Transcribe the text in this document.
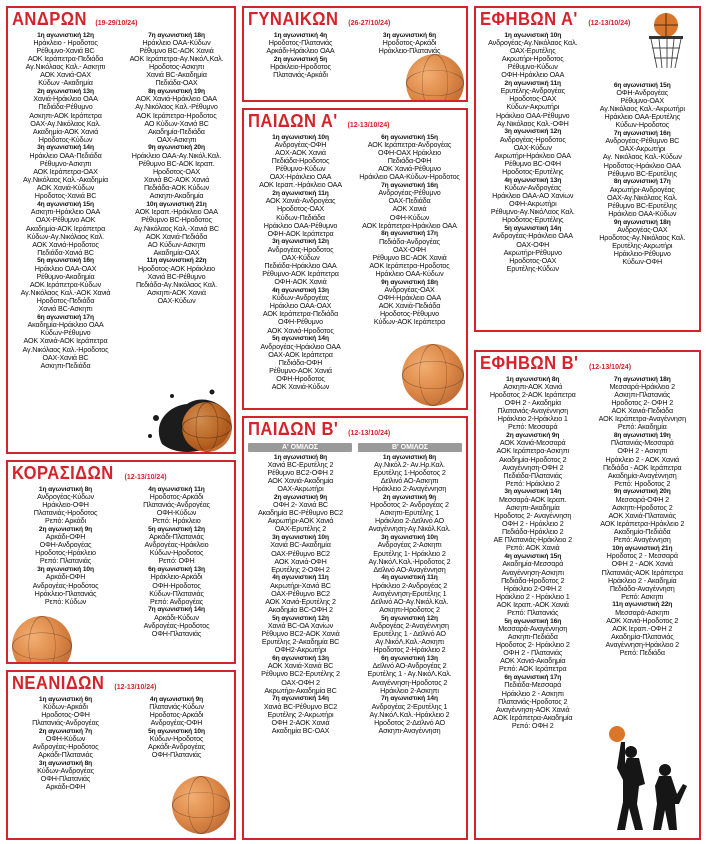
ΑΝΔΡΩΝ (19-29/10/24)
1η αγωνιστική 12η
Ηράκλειο - Ηροδοτος
Ρέθυμνο-Χανιά BC
ΑΟΚ Ιεράπετρα-Πεδιάδα
Αγ.Νικόλαος Καλ.- Ασκηπι
ΑΟΚ Χανιά-ΟΑΧ
Κύδων -Ακαδημία
2η αγωνιστική 13η
Χανιά-Ηράκλειο ΟΑΑ
Πεδιάδα-Ρέθυμνο
Ασκηπι-ΑΟΚ Ιεράπετρα
ΟΑΧ-Αγ.Νικόλαος Καλ.
Ακαδημία-ΑΟΚ Χανιά
Ηροδοτος-Κύδων
3η αγωνιστική 14η
Ηράκλειο ΟΑΑ-Πεδιάδα
Ρέθυμνο-Ασκηπι
ΑΟΚ Ιεράπετρα-ΟΑΧ
Αγ.Νικόλαος Καλ.-Ακαδημία
ΑΟΚ Χανιά-Κύδων
Ηροδοτος-Χανιά BC
4η αγωνιστική 15η
Ασκηπι-Ηράκλειο ΟΑΑ
ΟΑΧ-Ρέθυμνο ΑΟΚ
Ακαδημία-ΑΟΚ Ιεράπετρα
Κύδων-Αγ.Νικόλαος Καλ.
ΑΟΚ Χανιά-Ηροδοτος
Πεδιάδα-Χανιά BC
5η αγωνιστική 16η
Ηράκλειο ΟΑΑ-ΟΑΧ
Ρέθυμνο-Ακαδημία
ΑΟΚ Ιεράπετρα-Κύδων
Αγ.Νικόλαος Καλ.-ΑΟΚ Χανιά
Ηροδοτος-Πεδιάδα
Χανιά BC-Ασκηπι
6η αγωνιστική 17η
Ακαδημία-Ηράκλειο ΟΑΑ
Κύδων-Ρέθυμνο
ΑΟΚ Χανιά-ΑΟΚ Ιεράπετρα
Αγ.Νικόλαος Καλ.-Ηροδοτος
ΟΑΧ-Χανιά BC
Ασκηπι-Πεδιάδα
7η αγωνιστική 18η
Ηράκλειο ΟΑΑ-Κύδων
Ρέθυμνο BC-ΑΟΚ Χανιά
ΑΟΚ Ιεράπετρα-Αγ.ΝικόΛ.Καλ.
Ηροδοτος-Ασκηπι
Χανιά BC-Ακαδημία
Πεδιάδα-ΟΑΧ
8η αγωνιστική 19η
ΑΟΚ Χανιά-Ηράκλειο ΟΑΑ
Αγ.Νικόλαος Καλ.-Ρέθυμνο
ΑΟΚ Ιεράπετρα-Ηροδοτος
ΑΟ Κύδων-Χανιά BC
Ακαδημία-Πεδιάδα
ΟΑΧ-Ασκηπι
9η αγωνιστική 20η
Ηράκλειο ΟΑΑ-Αγ.Νικόλ.Καλ.
Ρέθυμνο BC-ΑΟΚ Ιεραπ.
Ηροδοτος-ΟΑΧ
Χανιά BC-ΑΟΚ Χανιά
Πεδιάδα-ΑΟΚ Κύδων
Ασκηπι-Ακαδημία
10η αγωνιστική 21η
ΑΟΚ Ιεραπ.-Ηράκλειο ΟΑΑ
Ρέθυμνο BC-Ηροδοτος
Αγ.Νικόλαος Καλ.-Χανιά BC
ΑΟΚ Χανιά-Πεδιάδα
ΑΟ Κύδων-Ασκηπι
Ακαδημία-ΟΑΧ
11η αγωνιστική 22η
Ηροδοτος-ΑΟΚ Ηράκλειο
Χανιά BC-Ρέθυμνο
Πεδιάδα-Αγ.Νικόλαος Καλ.
Ασκηπι-ΑΟΚ Χανιά
ΟΑΧ-Κύδων
ΓΥΝΑΙΚΩΝ (26-27/10/24)
1η αγωνιστική 4η
Ηροδοτος-Πλατανιάς
Αρκάδι-Ηράκλειο ΟΑΑ
2η αγωνιστική 5η
Ηράκλειο-Ηροδοτος
Πλατανιάς-Αρκάδι
3η αγωνιστική 6η
Ηροδοτος-Αρκάδι
Ηράκλειο-Πλατανιάς
ΠΑΙΔΩΝ Α' (12-13/10/24)
1η αγωνιστική 10η
Ανδρογέας-ΟΦΗ
ΑΟΧ-ΑΟΚ Χανιά
Πεδιάδα-Ηροδοτος
Ρέθυμνο-Κύδων
ΟΑΧ-Ηράκλειο ΟΑΑ
ΑΟΚ Ιεραπ.-Ηράκλειο ΟΑΑ
2η αγωνιστική 11η
ΑΟΚ Χανιά-Ανδρογέας
Ηροδοτος-ΟΑΧ
Κύδων-Πεδιάδα
Ηράκλειο ΟΑΑ-Ρέθυμνο
ΟΦΗ-ΑΟΚ Ιεράπετρα
3η αγωνιστική 12η
Ανδρογέας-Ηροδοτος
ΟΑΧ-Κύδων
Πεδιάδα-Ηράκλειο ΟΑΑ
Ρέθυμνο-ΑΟΚ Ιεράπετρα
ΟΦΗ-ΑΟΚ Χανιά
4η αγωνιστική 13η
Κύδων-Ανδρογέας
Ηράκλειο ΟΑΑ-ΟΑΧ
ΑΟΚ Ιεράπετρα-Πεδιάδα
ΟΦΗ-Ρέθυμνο
ΑΟΚ Χανιά-Ηροδοτος
5η αγωνιστική 14η
Ανδρογέας-Ηράκλειο ΟΑΑ
ΟΑΧ-ΑΟΚ Ιεράπετρα
Πεδιάδα-ΟΦΗ
Ρέθυμνο-ΑΟΚ Χανιά
ΟΦΗ-Ηροδοτος
ΑΟΚ Χανιά-Κύδων
6η αγωνιστική 15η
ΑΟΚ Ιεράπετρα-Ανδρογέας
ΟΦΗ-ΟΑΧ Ηράκλειο
Πεδιάδα-ΟΦΗ
ΑΟΚ Χανιά-Ρέθυμνο
Ηράκλειο ΟΑΑ-Κύδων-Ηροδοτος
7η αγωνιστική 16η
Ανδρογέας-Ρέθυμνο
ΟΑΧ-Πεδιάδα
ΑΟΚ Χανιά
ΟΦΗ-Κύδων
ΑΟΚ Ιεράπετρα-Ηράκλειο ΟΑΑ
8η αγωνιστική 17η
Πεδιάδα-Ανδρογέας
ΟΑΧ-ΟΦΗ
Ρέθυμνο BC-ΑΟΚ Χανιά
ΑΟΚ Ιεράπετρα-Ηροδοτος
Ηράκλειο ΟΑΑ-Κύδων
9η αγωνιστική 18η
Ανδρογέας-ΟΑΧ
ΟΦΗ-Ηράκλειο ΟΑΑ
ΑΟΚ Χανιά-Πεδιάδα
Ηροδοτος-Ρέθυμνο
Κύδων-ΑΟΚ Ιεράπετρα
ΠΑΙΔΩΝ Β' (12-13/10/24)
Α' ΟΜΙΛΟΣ	Β' ΟΜΙΛΟΣ
1η αγωνιστική 8η
Χανιά BC-Ερυτέλης 2
Ρέθυμνο BC2-ΟΦΗ 2
ΑΟΚ Χανιά-Ακαδημία
ΟΑΧ-Ακρωτήρι
2η αγωνιστική 9η
ΟΦΗ 2- Χανιά BC
Ακαδημία BC-Ρέθυμνο BC2
Ακρωτήρι-ΑΟΚ Χανιά
ΟΑΧ-Ερυτέλης 2
3η αγωνιστική 10η
Χανιά BC-Ακαδημία
ΟΑΧ-Ρέθυμνο BC2
ΑΟΚ Χανιά-ΟΦΗ
Ερυτέλης 2-ΟΦΗ 2
4η αγωνιστική 11η
Ακρωτήρι-Χανιά BC
ΟΑΧ-Ρέθυμνο BC2
ΑΟΚ Χανιά-Ερυτέλης 2
Ακαδημία BC-ΟΦΗ 2
5η αγωνιστική 12η
Χανιά BC-ΟΑ Χανίων
Ρέθυμνο BC2-ΑΟΚ Χανιά
Ερυτέλης 2-Ακαδημία BC
ΟΦΗ2-Ακρωτήρι
6η αγωνιστική 13η
ΑΟΚ Χανιά-Χανιά BC
Ρέθυμνο BC2-Ερυτέλης 2
ΟΑΧ-ΟΦΗ 2
Ακρωτήρι-Ακαδημία BC
7η αγωνιστική 14η
Χανιά BC-Ρέθυμνο BC2
Ερυτέλης 2-Ακρωτήρι
ΟΦΗ 2-ΑΟΚ Χανιά
Ακαδημία BC-ΟΑΧ
1η αγωνιστική 8η
Αγ.Νικόλ.2- Αν.Ηρ.Καλ.
Ερυτέλης 1-Ηροδοτος 2
Δεϊλινό ΑΟ-Ασκηπι
Ηράκλειο 2-Αναγέννηση
2η αγωνιστική 9η
Ηροδοτος 2- Ανδρογέας 2
Ασκηπι-Ερυτέλης 1
Ηράκλειο 2-Δεϊλινό ΑΟ
Αναγέννηση-Αγ.Νικόλ.Καλ.
3η αγωνιστική 10η
Ανδρογέας 2-Ασκηπι
Ερυτέλης 1- Ηράκλειο 2
Αγ.ΝικόΛ.Καλ.-Ηροδοτος 2
Δεϊλινό ΑΟ-Αναγέννηση
4η αγωνιστική 11η
Ηράκλειο 2-Ανδρογέας 2
Αναγέννηση-Ερυτέλης 1
Δεϊλινό ΑΟ-Αγ.Νικόλ.Καλ.
Ασκηπι-Ηροδοτος 2
5η αγωνιστική 12η
Ανδρογέας 2-Αναγέννηση
Ερυτέλης 1 - Δεϊλινό ΑΟ
Αγ.ΝικόΛ.Καλ.-Ασκηπι
Ηροδοτος 2-Ηράκλειο 2
6η αγωνιστική 13η
Δεϊλινό ΑΟ-Ανδρογέας 2
Ερυτέλης 1 - Αγ.ΝικόΛ.Καλ.
Αναγέννηση-Ηροδοτος 2
Ηράκλειο 2-Ασκηπι
7η αγωνιστική 14η
Ανδρογέας 2-Ερυτέλης 1
Αγ.ΝικόΛ.Καλ.-Ηράκλειο 2
Ηροδοτος 2-Δεϊλινό ΑΟ
Ασκηπι-Αναγέννηση
ΚΟΡΑΣΙΔΩΝ (12-13/10/24)
1η αγωνιστική 8η
Ανδρογέας-Κύδων
Ηράκλειο-ΟΦΗ
Πλατανιάς-Ηροδοτος
Ρεπό: Αρκάδι
2η αγωνιστική 9η
Αρκάδι-ΟΦΗ
ΟΦΗ-Ανδρογέας
Ηροδοτος-Ηράκλειο
Ρεπό: Πλατανιάς
3η αγωνιστική 10η
Αρκάδι-ΟΦΗ
Ανδρογέας-Ηροδοτος
Ηράκλειο-Πλατανιάς
Ρεπό: Κύδων
4η αγωνιστική 11η
Ηροδοτος-Αρκάδι
Πλατανιάς-Ανδρογέας
ΟΦΗ-Κύδων
Ρεπό: Ηράκλειο
5η αγωνιστική 12η
Αρκάδι-Πλατανιάς
Ανδρογέας-Ηράκλειο
Κύδων-Ηροδοτος
Ρεπό: ΟΦΗ
6η αγωνιστική 13η
Ηράκλειο-Αρκάδι
ΟΦΗ-Ηροδοτος
Κύδων-Πλατανιάς
Ρεπό: Ανδρογέας
7η αγωνιστική 14η
Αρκάδι-Κύδων
Ανδρογέας-Ηροδοτος
ΟΦΗ-Πλατανιάς
ΝΕΑΝΙΔΩΝ (12-13/10/24)
1η αγωνιστική 6η
Κύδων-Αρκάδι
Ηροδοτος-ΟΦΗ
Πλατανιάς-Ανδρογέας
2η αγωνιστική 7η
ΟΦΗ-Κύδων
Ανδρογέας-Ηροδοτος
Αρκάδι-Πλατανιάς
3η αγωνιστική 8η
Κύδων-Ανδρογέας
ΟΦΗ-Πλατανιάς
Αρκάδι-ΟΦΗ
4η αγωνιστική 9η
Πλατανιάς-Κύδων
Ηροδοτος-Αρκάδι
Ανδρογέας-ΟΦΗ
5η αγωνιστική 10η
Κύδων-Ηροδοτος
Αρκάδι-Ανδρογέας
ΟΦΗ-Πλατανιάς
ΕΦΗΒΩΝ Α' (12-13/10/24)
1η αγωνιστική 10η
Ανδρογέας-Αγ.Νικόλαος Καλ.
ΟΑΧ-Ερυτέλης
Ακρωτήρι-Ηροδοτος
Ρέθυμνο-Κύδων
ΟΦΗ-Ηράκλειο ΟΑΑ
2η αγωνιστική 11η
Ερυτέλης-Ανδρογέας
Ηροδοτος-ΟΑΧ
Κύδων-Ακρωτήρι
Ηράκλειο ΟΑΑ-Ρέθυμνο
Αγ.Νικόλαος Καλ.-ΟΦΗ
3η αγωνιστική 12η
Ανδρογέας-Ηροδοτος
ΟΑΧ-Κύδων
Ακρωτήρι-Ηράκλειο ΟΑΑ
Ρέθυμνο BC-ΟΦΗ
Ηροδοτος-Ερυτέλης
4η αγωνιστική 13η
Κύδων-Ανδρογέας
Ηράκλειο ΟΑΑ-ΑΟ Χανίων
ΟΦΗ-Ακρωτήρι
Ρέθυμνο-Αγ.ΝικόΛαος Καλ.
Ηροδοτος-Ερυτέλης
5η αγωνιστική 14η
Ανδρογέας-Ηράκλειο ΟΑΑ
ΟΑΧ-ΟΦΗ
Ακρωτήρι-Ρέθυμνο
Ηροδοτος-ΟΑΧ
Ερυτέλης-Κύδων
6η αγωνιστική 15η
ΟΦΗ-Ανδρογέας
Ρέθυμνο-ΟΑΧ
Αγ.Νικόλαος Καλ.-Ακρωτήρι
Ηράκλειο ΟΑΑ-Ερυτέλης
Κύδων-Ηροδοτος
7η αγωνιστική 16η
Ανδρογέας-Ρέθυμνο BC
ΟΑΧ-Ακρωτήρι
Αγ. Νικόλαος Καλ.-Κύδων
Ηροδοτος-Ηράκλειο ΟΑΑ
Ρέθυμνο BC-Ερυτέλης
8η αγωνιστική 17η
Ακρωτήρι-Ανδρογέας
ΟΑΧ-Αγ.Νικόλαος Καλ.
Ρέθυμνο BC-Ερυτέλης
Ηράκλειο ΟΑΑ-Κύδων
9η αγωνιστική 18η
Ανδρογέας-ΟΑΧ
Ηροδοτος-Αγ.Νικόλαος Καλ.
Ερυτέλης-Ακρωτήρι
Ηράκλειο-Ρέθυμνο
Κύδων-ΟΦΗ
ΕΦΗΒΩΝ Β' (12-13/10/24)
1η αγωνιστική 8η
Ασκηπι-ΑΟΚ Χανιά
Ηροδοτος 2-ΑΟΚ Ιεράπετρα
ΟΦΗ 2 - Ακαδημία
Πλατανιάς-Αναγέννηση
Ηράκλειο 2-Ηράκλειο 1
Ρεπό: Μεσσαρά
2η αγωνιστική 9η
ΑΟΚ Χανιά-Μεσσαρά
ΑΟΚ Ιεράπετρα-Ασκηπι
Ακαδημία-Ηροδοτος 2
Αναγέννηση-ΟΦΗ 2
Πεδιάδα-Πλατανιάς
Ρεπό: Ηράκλειο 2
3η αγωνιστική 14η
Μεσσαρά-ΑΟΚ Ιεραπ.
Ασκηπι-Ακαδημία
Ηροδοτος 2- Αναγέννηση
ΟΦΗ 2 - Ηράκλειο 2
Πεδιάδα-Ηράκλειο 2
ΑΕ Πλατανιάς-Ηράκλειο 2
Ρεπό: ΑΟΚ Χανιά
4η αγωνιστική 15η
Ακαδημία-Μεσσαρά
Αναγέννηση-Ασκηπι
Πεδιάδα-Ηροδοτος 2
Ηράκλειο 2-ΟΦΗ 2
Ηράκλειο 2 - Ηράκλειο 1
ΑΟΚ Ιεραπ.-ΑΟΚ Χανιά
Ρεπό: Πλατανιάς
5η αγωνιστική 16η
Μεσσαρά-Αναγέννηση
Ασκηπι-Πεδιάδα
Ηροδοτος 2- Ηράκλειο 2
ΟΦΗ 2 - Πλατανιάς
ΑΟΚ Χανιά-Ακαδημία
Ρεπό: ΑΟΚ Ιεράπετρα
6η αγωνιστική 17η
Πεδιάδα-Μεσσαρά
Ηράκλειο 2 - Ασκηπι
Πλατανιάς-Ηροδοτος 2
Αναγέννηση-ΑΟΚ Χανιά
ΑΟΚ Ιεράπετρα-Ακαδημία
Ρεπό: ΟΦΗ 2
7η αγωνιστική 18η
Μεσσαρά-Ηράκλειο 2
Ασκηπι-Πλατανιάς
Ηροδοτος 2- ΟΦΗ 2
ΑΟΚ Χανιά-Πεδιάδα
ΑΟΚ Ιεράπετρα-Αναγέννηση
Ρεπό: Ακαδημία
8η αγωνιστική 19η
Πλατανιάς-Μεσσαρά
ΟΦΗ 2 - Ασκηπι
Ηράκλειο 2 - ΑΟΚ Χανιά
Πεδιάδα - ΑΟΚ Ιεράπετρα
Ακαδημία-Αναγέννηση
Ρεπό: Ηροδοτος 2
9η αγωνιστική 20η
Μεσσαρά-ΟΦΗ 2
Ασκηπι-Ηροδοτος 2
ΑΟΚ Χανιά-Πλατανιάς
ΑΟΚ Ιεράπετρα-Ηράκλειο 2
Ακαδημία-Πεδιάδα
Ρεπό: Αναγέννηση
10η αγωνιστική 21η
Ηροδοτος 2 - Μεσσαρά
ΟΦΗ 2 - ΑΟΚ Χανιά
Πλατανιάς-ΑΟΚ Ιεράπετρα
Ηράκλειο 2 - Ακαδημία
Πεδιάδα-Αναγέννηση
Ρεπό: Ασκηπι
11η αγωνιστική 22η
Μεσσαρά-Ασκηπι
ΑΟΚ Χανιά-Ηροδοτος 2
ΑΟΚ Ιεραπ.-ΟΦΗ 2
Ακαδημία-Πλατανιάς
Αναγέννηση-Ηράκλειο 2
Ρεπό: Πεδιάδα
